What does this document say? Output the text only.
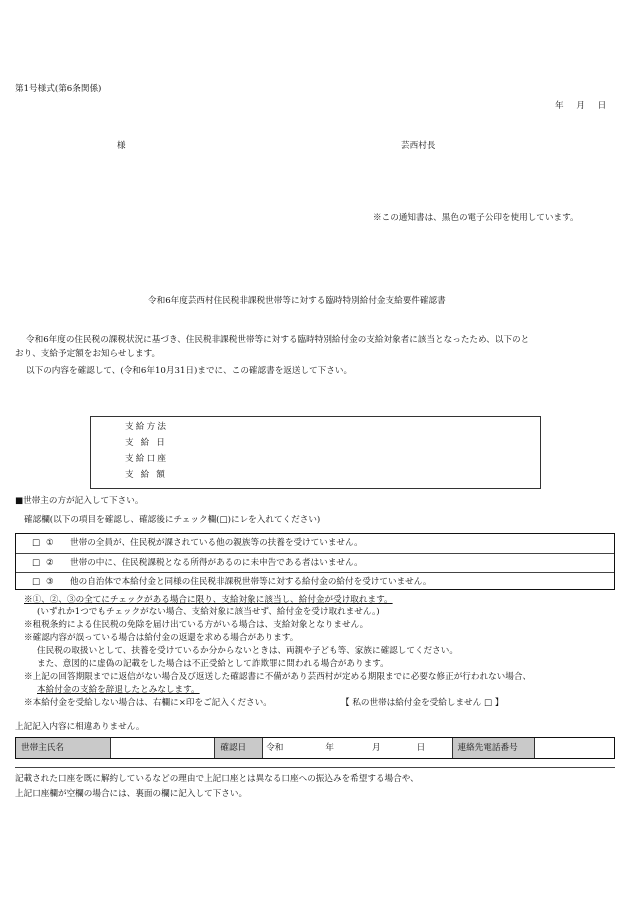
第1号様式(第6条関係)
年 月 日
様	芸西村長
※この通知書は、黒色の電子公印を使用しています。
令和6年度芸西村住民税非課税世帯等に対する臨時特別給付金支給要件確認書
令和6年度の住民税の課税状況に基づき、住民税非課税世帯等に対する臨時特別給付金の支給対象者に該当となったため、以下のと
おり、支給予定額をお知らせします。
以下の内容を確認して、(令和6年10月31日)までに、この確認書を返送して下さい。
支給方法
支給日
支給口座
支給額
■世帯主の方が記入して下さい。
確認欄(以下の項目を確認し、確認後にチェック欄(□)にレを入れてください)
□ ①	世帯の全員が、住民税が課されている他の親族等の扶養を受けていません。
□ ②	世帯の中に、住民税課税となる所得があるのに未申告である者はいません。
□ ③	他の自治体で本給付金と同様の住民税非課税世帯等に対する給付金の給付を受けていません。
※①、②、③の全てにチェックがある場合に限り、支給対象に該当し、給付金が受け取れます。
(いずれか1つでもチェックがない場合、支給対象に該当せず、給付金を受け取れません。)
※租税条約による住民税の免除を届け出ている方がいる場合は、支給対象となりません。
※確認内容が誤っている場合は給付金の返還を求める場合があります。
住民税の取扱いとして、扶養を受けているか分からないときは、両親や子ども等、家族に確認してください。
また、意図的に虚偽の記載をした場合は不正受給として詐欺罪に問われる場合があります。
※上記の回答期限までに返信がない場合及び返送した確認書に不備があり芸西村が定める期限までに必要な修正が行われない場合、
本給付金の支給を辞退したとみなします。
※本給付金を受給しない場合は、右欄に×印をご記入ください。	【 私の世帯は給付金を受給しません □ 】
上記記入内容に相違ありません。
世帯主氏名	確認日	令和	年	月	日	連絡先電話番号
記載された口座を既に解約しているなどの理由で上記口座とは異なる口座への振込みを希望する場合や、
上記口座欄が空欄の場合には、裏面の欄に記入して下さい。
